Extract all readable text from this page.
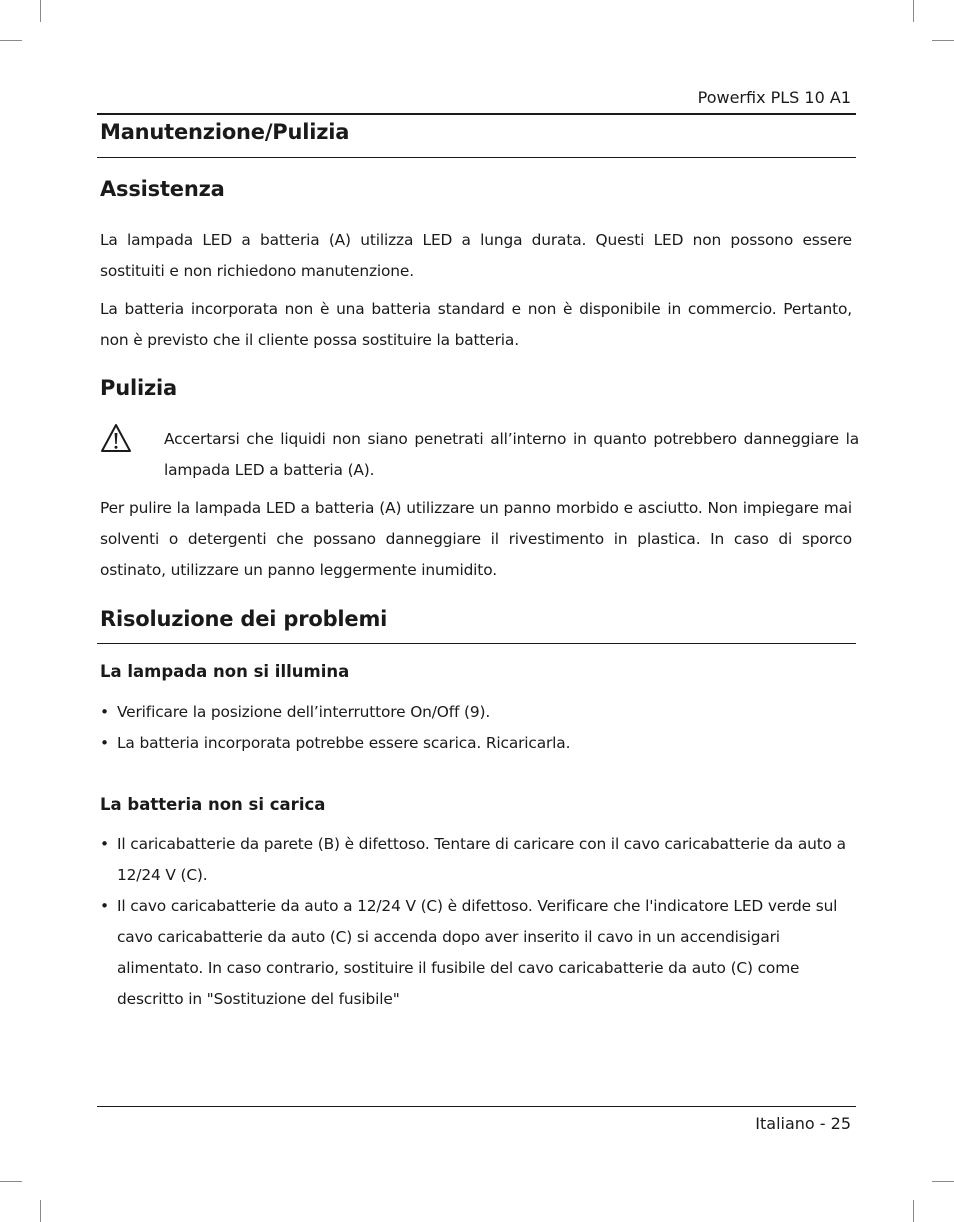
Powerfix PLS 10 A1
Manutenzione/Pulizia
Assistenza

La lampada LED a batteria (A) utilizza LED a lunga durata. Questi LED non possono essere sostituiti e non richiedono manutenzione.

La batteria incorporata non è una batteria standard e non è disponibile in commercio. Pertanto, non è previsto che il cliente possa sostituire la batteria.

Pulizia

Accertarsi che liquidi non siano penetrati all’interno in quanto potrebbero danneggiare la lampada LED a batteria (A).

Per pulire la lampada LED a batteria (A) utilizzare un panno morbido e asciutto. Non impiegare mai solventi o detergenti che possano danneggiare il rivestimento in plastica. In caso di sporco ostinato, utilizzare un panno leggermente inumidito.

Risoluzione dei problemi
La lampada non si illumina
• Verificare la posizione dell’interruttore On/Off (9).
• La batteria incorporata potrebbe essere scarica. Ricaricarla.
La batteria non si carica
• Il caricabatterie da parete (B) è difettoso. Tentare di caricare con il cavo caricabatterie da auto a 12/24 V (C).
• Il cavo caricabatterie da auto a 12/24 V (C) è difettoso. Verificare che l'indicatore LED verde sul cavo caricabatterie da auto (C) si accenda dopo aver inserito il cavo in un accendisigari alimentato. In caso contrario, sostituire il fusibile del cavo caricabatterie da auto (C) come descritto in "Sostituzione del fusibile"
Italiano - 25
